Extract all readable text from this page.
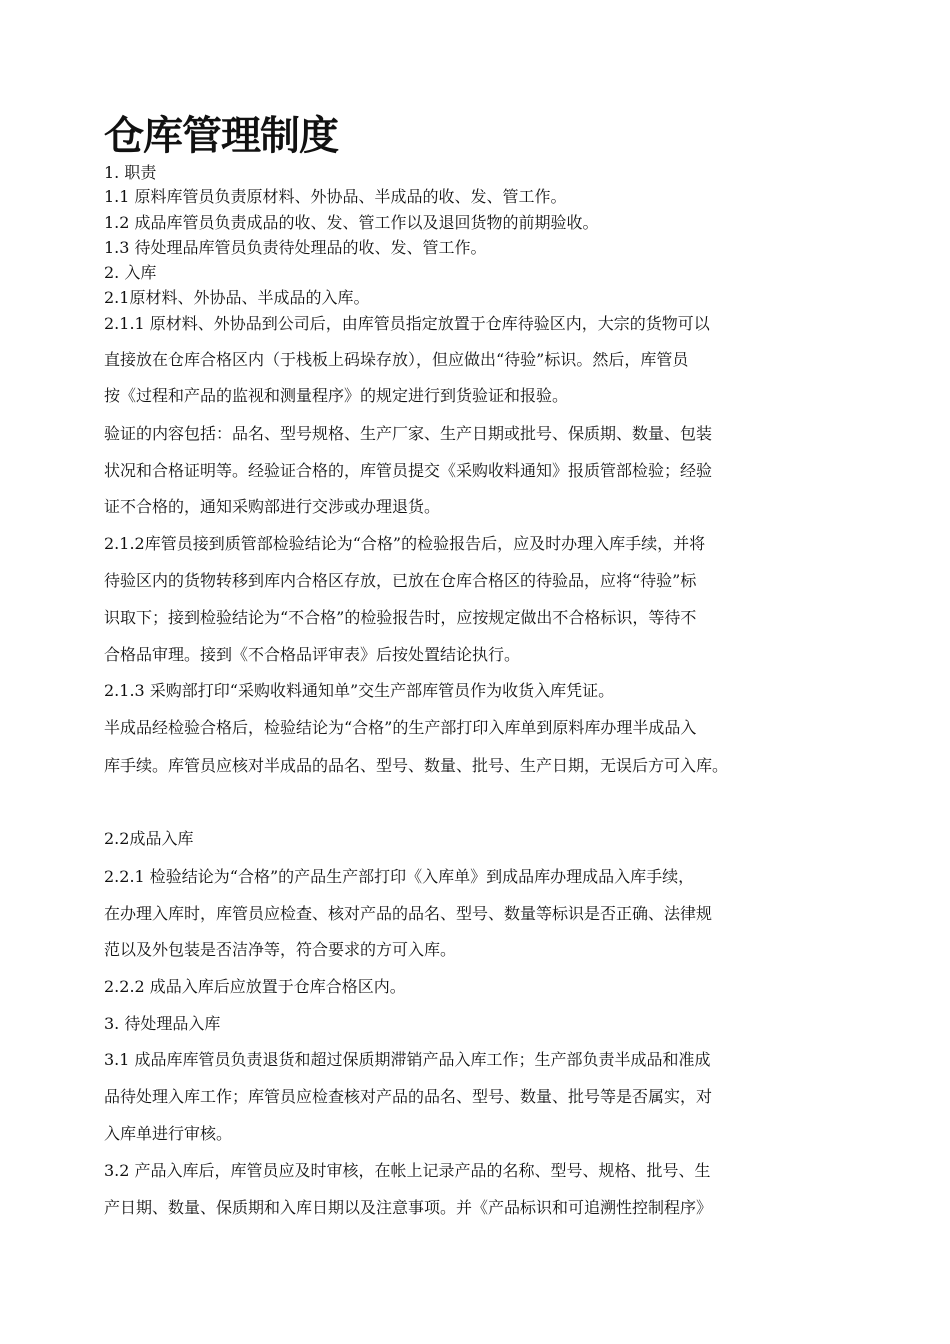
仓库管理制度

1. 职责

1.1 原料库管员负责原材料、外协品、半成品的收、发、管工作。

1.2 成品库管员负责成品的收、发、管工作以及退回货物的前期验收。

1.3 待处理品库管员负责待处理品的收、发、管工作。

2. 入库

2.1原材料、外协品、半成品的入库。

2.1.1 原材料、外协品到公司后，由库管员指定放置于仓库待验区内，大宗的货物可以

直接放在仓库合格区内（于栈板上码垛存放），但应做出“待验”标识。然后，库管员

按《过程和产品的监视和测量程序》的规定进行到货验证和报验。

验证的内容包括：品名、型号规格、生产厂家、生产日期或批号、保质期、数量、包装

状况和合格证明等。经验证合格的，库管员提交《采购收料通知》报质管部检验；经验

证不合格的，通知采购部进行交涉或办理退货。

2.1.2库管员接到质管部检验结论为“合格”的检验报告后，应及时办理入库手续，并将

待验区内的货物转移到库内合格区存放，已放在仓库合格区的待验品，应将“待验”标

识取下；接到检验结论为“不合格”的检验报告时，应按规定做出不合格标识，等待不

合格品审理。接到《不合格品评审表》后按处置结论执行。

2.1.3 采购部打印“采购收料通知单”交生产部库管员作为收货入库凭证。

半成品经检验合格后，检验结论为“合格”的生产部打印入库单到原料库办理半成品入

库手续。库管员应核对半成品的品名、型号、数量、批号、生产日期，无误后方可入库。

2.2成品入库

2.2.1 检验结论为“合格”的产品生产部打印《入库单》到成品库办理成品入库手续，

在办理入库时，库管员应检查、核对产品的品名、型号、数量等标识是否正确、法律规

范以及外包装是否洁净等，符合要求的方可入库。

2.2.2 成品入库后应放置于仓库合格区内。

3. 待处理品入库

3.1 成品库库管员负责退货和超过保质期滞销产品入库工作；生产部负责半成品和准成

品待处理入库工作；库管员应检查核对产品的品名、型号、数量、批号等是否属实，对

入库单进行审核。

3.2 产品入库后，库管员应及时审核，在帐上记录产品的名称、型号、规格、批号、生

产日期、数量、保质期和入库日期以及注意事项。并《产品标识和可追溯性控制程序》
